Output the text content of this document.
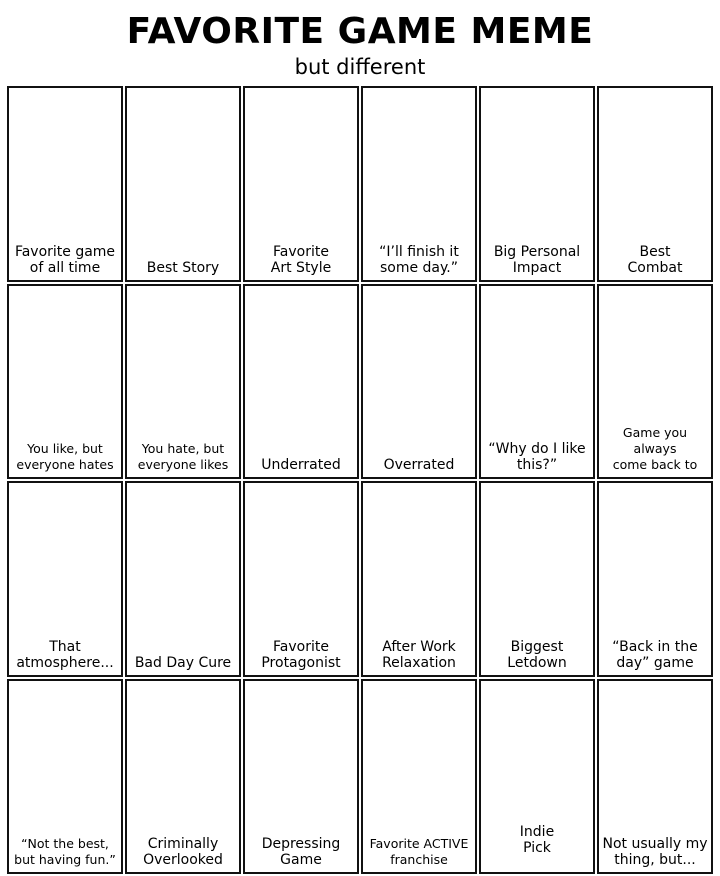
FAVORITE GAME MEME
but different
Favorite game
of all time	Best Story
Favorite
Art Style
“I’ll finish it
some day.”
Big Personal
Impact
Best
Combat
You like, but
everyone hates
You hate, but
everyone likes	Underrated	Overrated
“Why do I like
this?”
Game you always
come back to
That
atmosphere...	Bad Day Cure
Favorite
Protagonist
After Work
Relaxation
Biggest
Letdown
“Back in the
day” game
“Not the best,
but having fun.”
Criminally
Overlooked
Depressing
Game
Favorite ACTIVE
franchise
Indie
Pick	Not usually my
thing, but...
